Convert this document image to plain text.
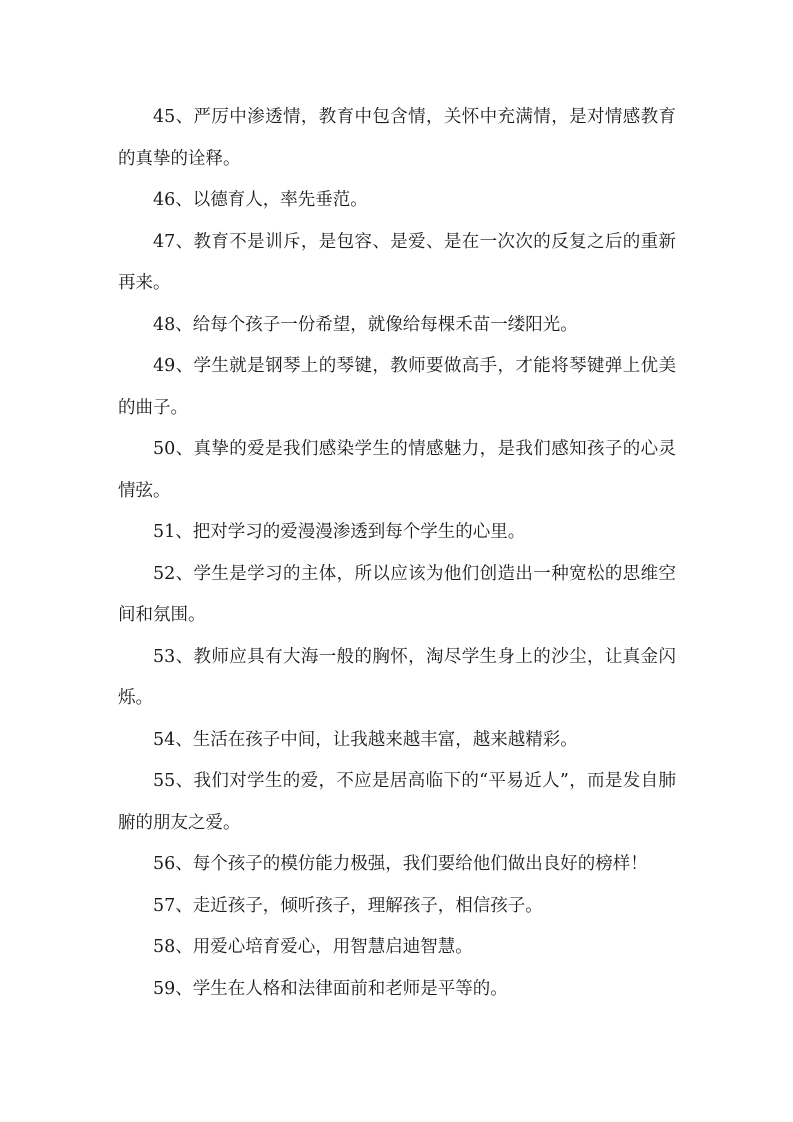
45、严厉中渗透情，教育中包含情，关怀中充满情，是对情感教育的真挚的诠释。

46、以德育人，率先垂范。

47、教育不是训斥，是包容、是爱、是在一次次的反复之后的重新再来。

48、给每个孩子一份希望，就像给每棵禾苗一缕阳光。

49、学生就是钢琴上的琴键，教师要做高手，才能将琴键弹上优美的曲子。

50、真挚的爱是我们感染学生的情感魅力，是我们感知孩子的心灵情弦。

51、把对学习的爱漫漫渗透到每个学生的心里。

52、学生是学习的主体，所以应该为他们创造出一种宽松的思维空间和氛围。

53、教师应具有大海一般的胸怀，淘尽学生身上的沙尘，让真金闪烁。

54、生活在孩子中间，让我越来越丰富，越来越精彩。

55、我们对学生的爱，不应是居高临下的“平易近人”，而是发自肺腑的朋友之爱。

56、每个孩子的模仿能力极强，我们要给他们做出良好的榜样！

57、走近孩子，倾听孩子，理解孩子，相信孩子。

58、用爱心培育爱心，用智慧启迪智慧。

59、学生在人格和法律面前和老师是平等的。
